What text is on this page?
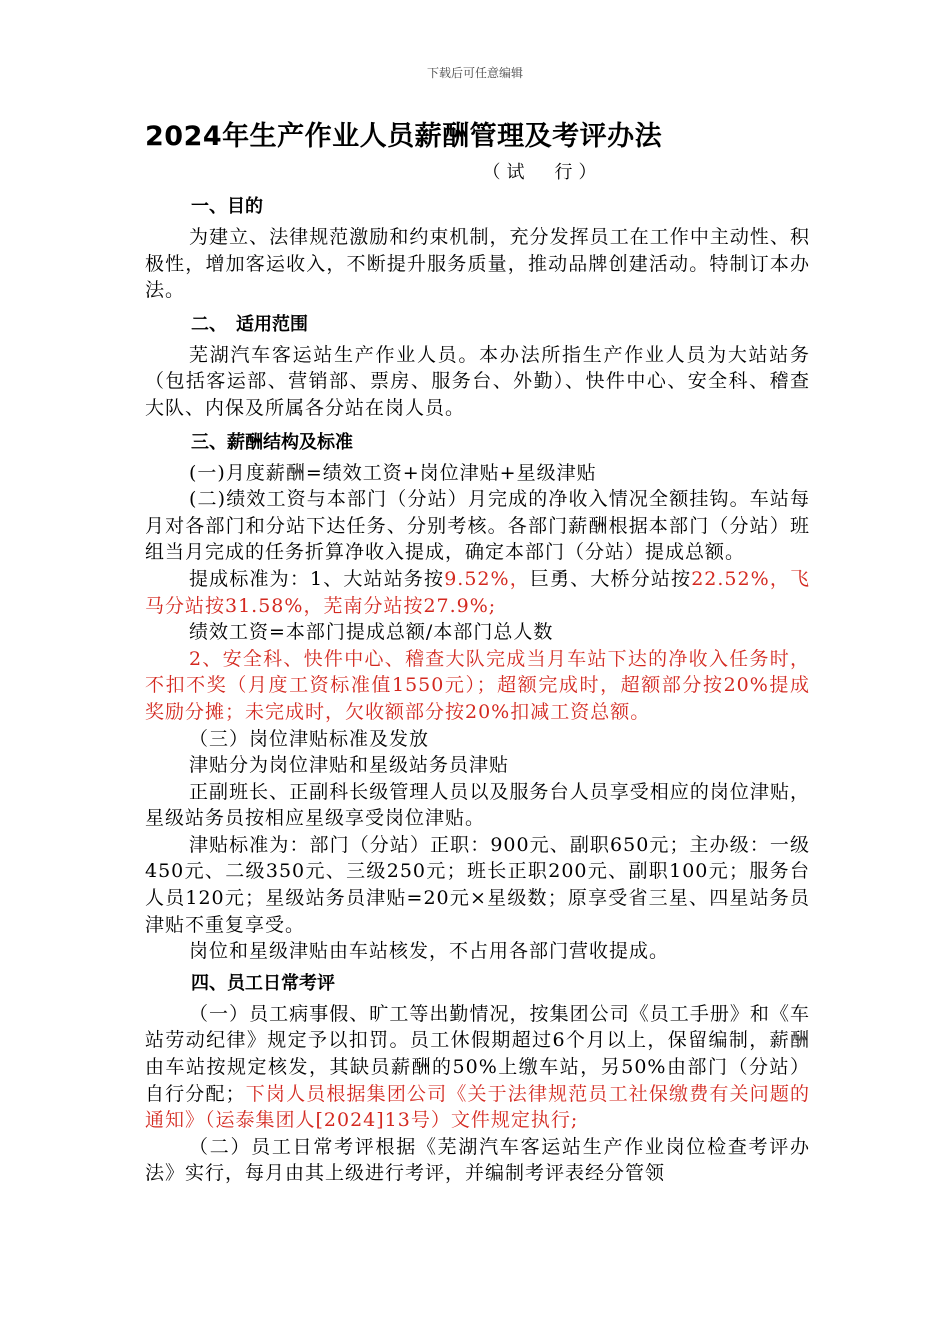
下载后可任意编辑
2024年生产作业人员薪酬管理及考评办法
（试　行）
一、目的

为建立、法律规范激励和约束机制，充分发挥员工在工作中主动性、积极性，增加客运收入，不断提升服务质量，推动品牌创建活动。特制订本办法。

二、　适用范围

芜湖汽车客运站生产作业人员。本办法所指生产作业人员为大站站务（包括客运部、营销部、票房、服务台、外勤）、快件中心、安全科、稽查大队、内保及所属各分站在岗人员。

三、薪酬结构及标准

(一)月度薪酬=绩效工资+岗位津贴+星级津贴

(二)绩效工资与本部门（分站）月完成的净收入情况全额挂钩。车站每月对各部门和分站下达任务、分别考核。各部门薪酬根据本部门（分站）班组当月完成的任务折算净收入提成，确定本部门（分站）提成总额。

提成标准为：1、大站站务按9.52%，巨勇、大桥分站按22.52%，飞马分站按31.58%，芜南分站按27.9%;

绩效工资=本部门提成总额/本部门总人数

2、安全科、快件中心、稽查大队完成当月车站下达的净收入任务时，不扣不奖（月度工资标准值1550元）；超额完成时，超额部分按20%提成奖励分摊；未完成时，欠收额部分按20%扣减工资总额。

（三）岗位津贴标准及发放

津贴分为岗位津贴和星级站务员津贴

正副班长、正副科长级管理人员以及服务台人员享受相应的岗位津贴，星级站务员按相应星级享受岗位津贴。

津贴标准为：部门（分站）正职：900元、副职650元；主办级：一级450元、二级350元、三级250元；班长正职200元、副职100元；服务台人员120元；星级站务员津贴=20元×星级数；原享受省三星、四星站务员津贴不重复享受。

岗位和星级津贴由车站核发，不占用各部门营收提成。

四、员工日常考评

（一）员工病事假、旷工等出勤情况，按集团公司《员工手册》和《车站劳动纪律》规定予以扣罚。员工休假期超过6个月以上，保留编制，薪酬由车站按规定核发，其缺员薪酬的50%上缴车站，另50%由部门（分站）自行分配；下岗人员根据集团公司《关于法律规范员工社保缴费有关问题的通知》（运泰集团人[2024]13号）文件规定执行;

（二）员工日常考评根据《芜湖汽车客运站生产作业岗位检查考评办法》实行，每月由其上级进行考评，并编制考评表经分管领
